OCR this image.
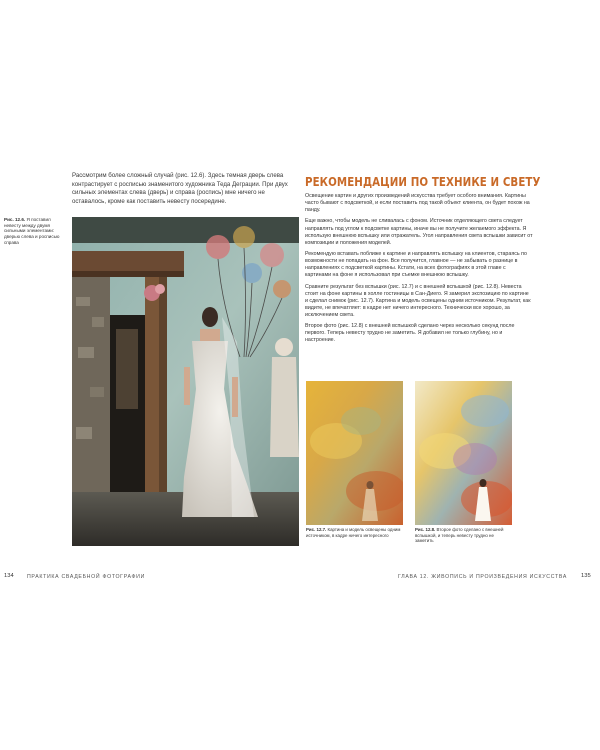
Рассмотрим более сложный случай (рис. 12.6). Здесь темная дверь слева контрастирует с росписью знаменитого художника Теда Деграции. При двух сильных элементах слева (дверь) и справа (роспись) мне ничего не оставалось, кроме как поставить невесту посередине.
Рис. 12.6. Я поставил невесту между двумя сильными элементами: дверью слева и росписью справа
134	ПРАКТИКА СВАДЕБНОЙ ФОТОГРАФИИ
РЕКОМЕНДАЦИИ ПО ТЕХНИКЕ И СВЕТУ

Освещение картин и других произведений искусства требует особого внимания. Картины часто бывают с подсветкой, и если поставить под такой объект клиента, он будет похож на панду.

Еще важно, чтобы модель не сливалась с фоном. Источник отделяющего света следует направлять под углом к подсветке картины, иначе вы не получите желаемого эффекта. Я использую внешнюю вспышку или отражатель. Угол направления света вспышки зависит от композиции и положения моделей.

Рекомендую вставать поближе к картине и направлять вспышку на клиентов, стараясь по возможности не попадать на фон. Все получится, главное — не забывать о разнице в направлениях с подсветкой картины. Кстати, на всех фотографиях в этой главе с картинами на фоне я использовал при съемке внешнюю вспышку.

Сравните результат без вспышки (рис. 12.7) и с внешней вспышкой (рис. 12.8). Невеста стоит на фоне картины в холле гостиницы в Сан-Диего. Я замерил экспозицию по картине и сделал снимок (рис. 12.7). Картина и модель освещены одним источником. Результат, как видите, не впечатляет: в кадре нет ничего интересного. Технически все хорошо, за исключением света.

Второе фото (рис. 12.8) с внешней вспышкой сделано через несколько секунд после первого. Теперь невесту трудно не заметить. Я добавил не только глубину, но и настроение.

Рис. 12.7. Картина и модель освещены одним источником, в кадре ничего интересного
Рис. 12.8. Второе фото сделано с внешней вспышкой, и теперь невесту трудно не заметить
ГЛАВА 12. ЖИВОПИСЬ И ПРОИЗВЕДЕНИЯ ИСКУССТВА 135
